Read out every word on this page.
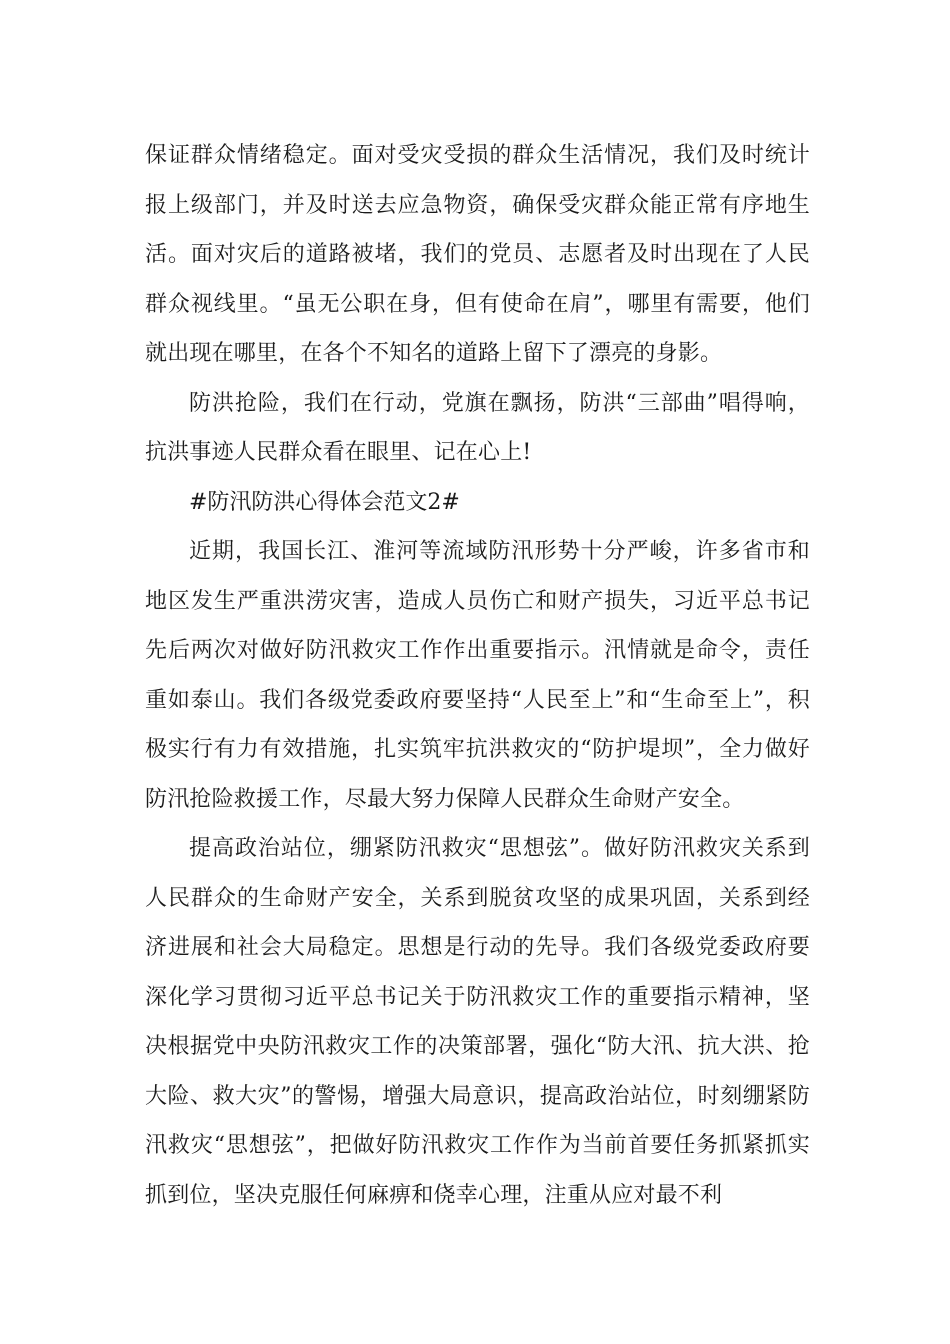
保证群众情绪稳定。面对受灾受损的群众生活情况，我们及时统计报上级部门，并及时送去应急物资，确保受灾群众能正常有序地生活。面对灾后的道路被堵，我们的党员、志愿者及时出现在了人民群众视线里。“虽无公职在身，但有使命在肩”，哪里有需要，他们就出现在哪里，在各个不知名的道路上留下了漂亮的身影。

防洪抢险，我们在行动，党旗在飘扬，防洪“三部曲”唱得响，抗洪事迹人民群众看在眼里、记在心上!

#防汛防洪心得体会范文2#

近期，我国长江、淮河等流域防汛形势十分严峻，许多省市和地区发生严重洪涝灾害，造成人员伤亡和财产损失，习近平总书记先后两次对做好防汛救灾工作作出重要指示。汛情就是命令，责任重如泰山。我们各级党委政府要坚持“人民至上”和“生命至上”，积极实行有力有效措施，扎实筑牢抗洪救灾的“防护堤坝”，全力做好防汛抢险救援工作，尽最大努力保障人民群众生命财产安全。

提高政治站位，绷紧防汛救灾“思想弦”。做好防汛救灾关系到人民群众的生命财产安全，关系到脱贫攻坚的成果巩固，关系到经济进展和社会大局稳定。思想是行动的先导。我们各级党委政府要深化学习贯彻习近平总书记关于防汛救灾工作的重要指示精神，坚决根据党中央防汛救灾工作的决策部署，强化“防大汛、抗大洪、抢大险、救大灾”的警惕，增强大局意识，提高政治站位，时刻绷紧防汛救灾“思想弦”，把做好防汛救灾工作作为当前首要任务抓紧抓实抓到位，坚决克服任何麻痹和侥幸心理，注重从应对最不利
